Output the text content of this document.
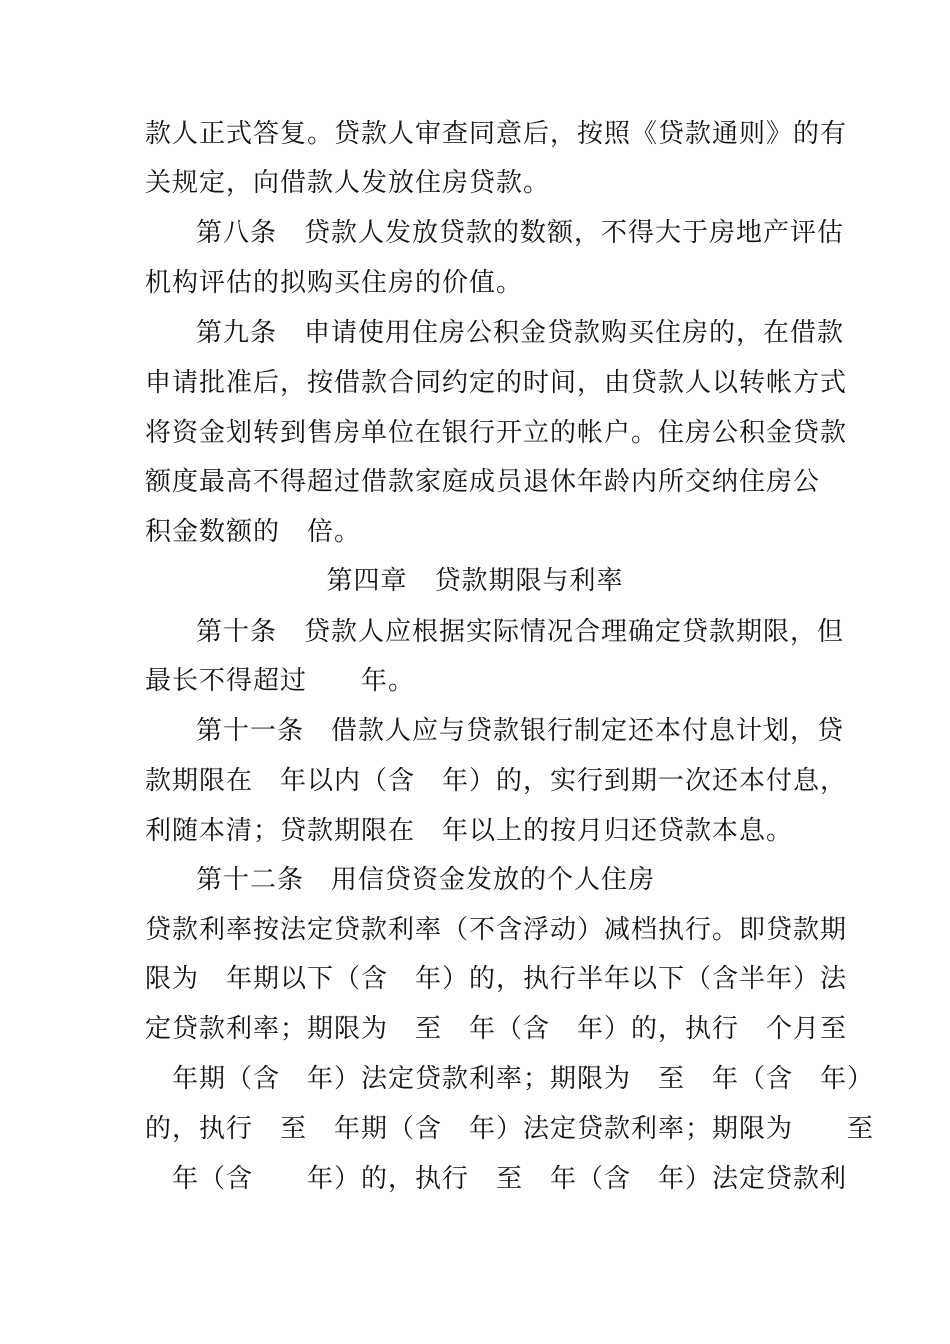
款人正式答复。贷款人审查同意后，按照《贷款通则》的有
关规定，向借款人发放住房贷款。
第八条　贷款人发放贷款的数额，不得大于房地产评估
机构评估的拟购买住房的价值。
第九条　申请使用住房公积金贷款购买住房的，在借款
申请批准后，按借款合同约定的时间，由贷款人以转帐方式
将资金划转到售房单位在银行开立的帐户。住房公积金贷款
额度最高不得超过借款家庭成员退休年龄内所交纳住房公
积金数额的　倍。
第四章　贷款期限与利率
第十条　贷款人应根据实际情况合理确定贷款期限，但
最长不得超过　　年。
第十一条　借款人应与贷款银行制定还本付息计划，贷
款期限在　年以内（含　年）的，实行到期一次还本付息，
利随本清；贷款期限在　年以上的按月归还贷款本息。
第十二条　用信贷资金发放的个人住房
贷款利率按法定贷款利率（不含浮动）减档执行。即贷款期
限为　年期以下（含　年）的，执行半年以下（含半年）法
定贷款利率；期限为　至　年（含　年）的，执行　个月至
　年期（含　年）法定贷款利率；期限为　至　年（含　年）
的，执行　至　年期（含　年）法定贷款利率；期限为　　至
　年（含　　年）的，执行　至　年（含　年）法定贷款利
